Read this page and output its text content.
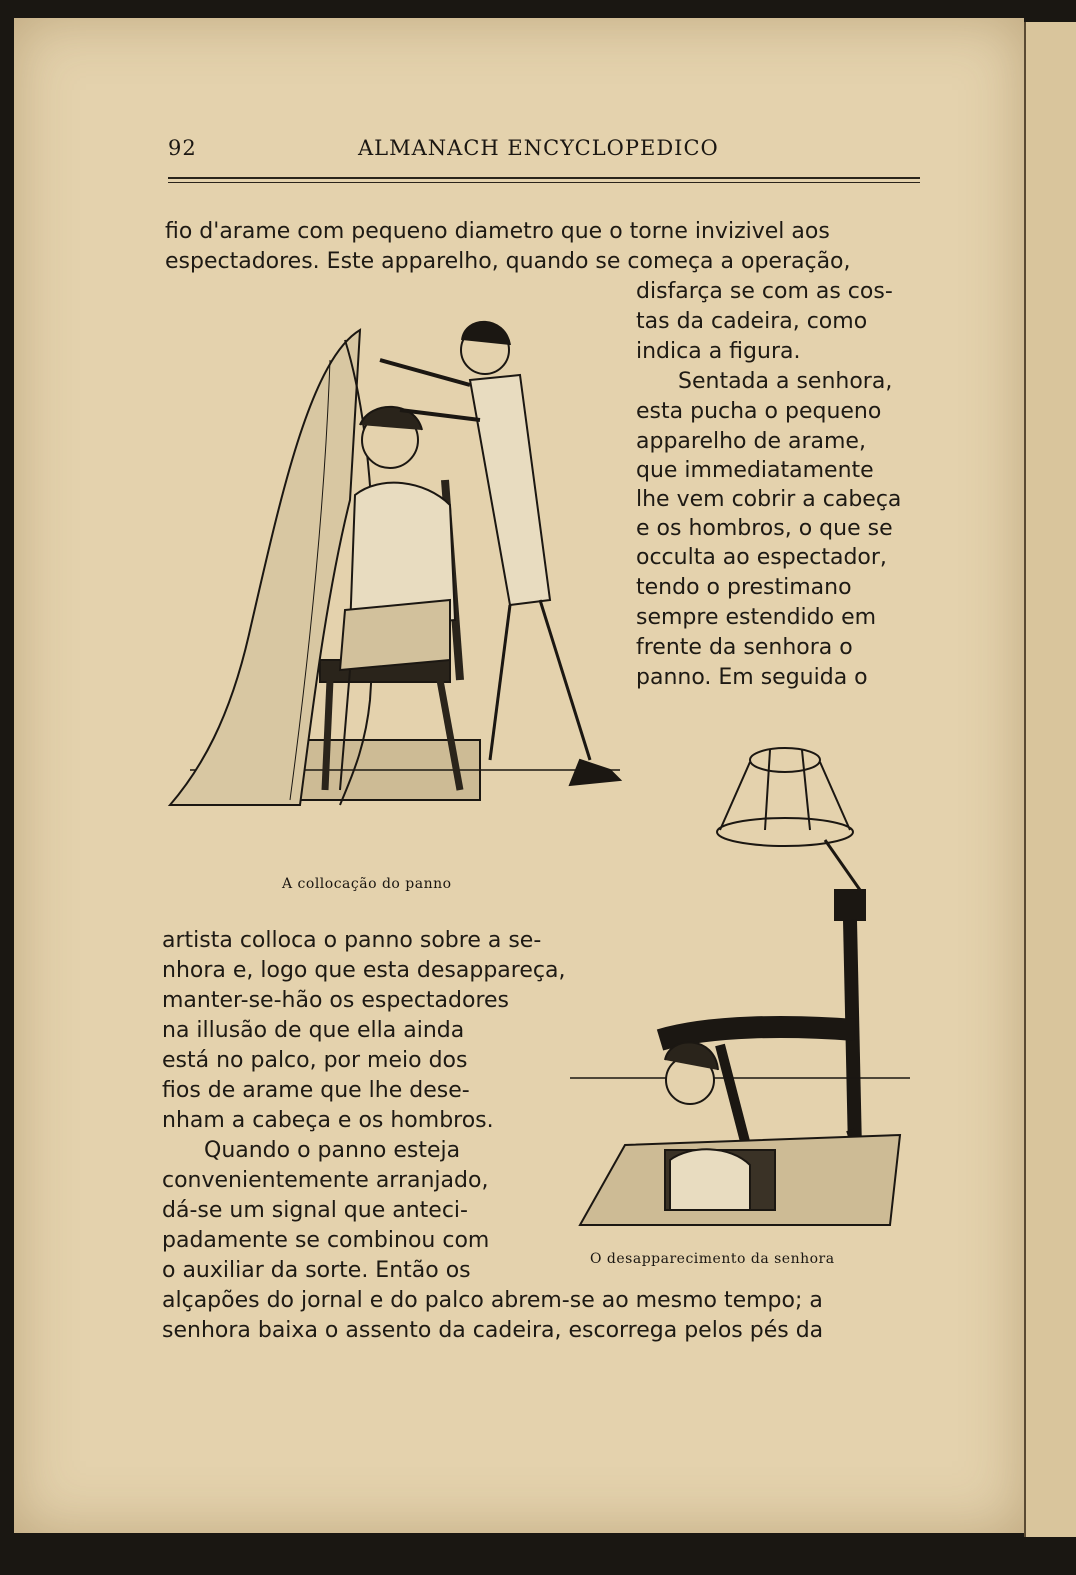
92	ALMANACH ENCYCLOPEDICO
fio d'arame com pequeno diametro que o torne invizivel aos
espectadores. Este apparelho, quando se começa a operação,
disfarça se com as cos-
tas da cadeira, como
indica a figura.
Sentada a senhora,
esta pucha o pequeno
apparelho de arame,
que immediatamente
lhe vem cobrir a cabeça
e os hombros, o que se
occulta ao espectador,
tendo o prestimano
sempre estendido em
frente da senhora o
panno. Em seguida o
artista colloca o panno sobre a se-
nhora e, logo que esta desappareça,
manter-se-hão os espectadores
na illusão de que ella ainda
está no palco, por meio dos
fios de arame que lhe dese-
nham a cabeça e os hombros.
Quando o panno esteja
convenientemente arranjado,
dá-se um signal que anteci-
padamente se combinou com
o auxiliar da sorte. Então os
alçapões do jornal e do palco abrem-se ao mesmo tempo; a
senhora baixa o assento da cadeira, escorrega pelos pés da
A collocação do panno
O desapparecimento da senhora
